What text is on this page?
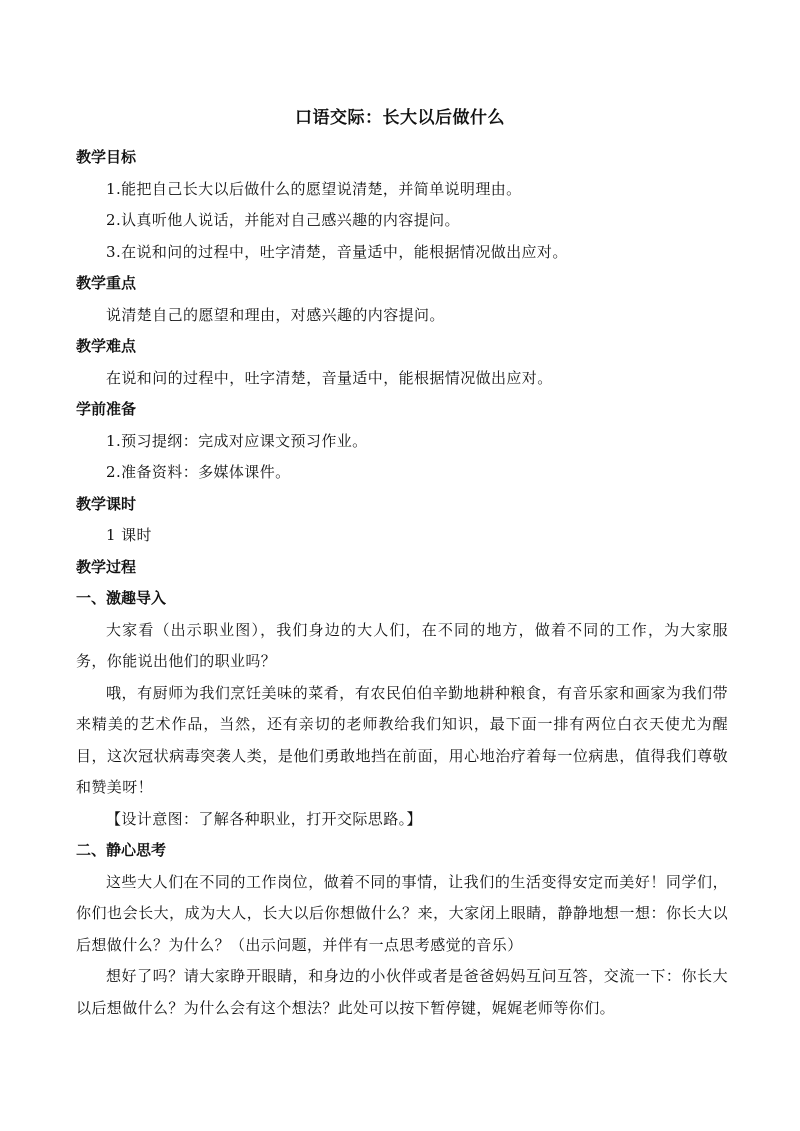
口语交际：长大以后做什么
教学目标

1.能把自己长大以后做什么的愿望说清楚，并简单说明理由。

2.认真听他人说话，并能对自己感兴趣的内容提问。

3.在说和问的过程中，吐字清楚，音量适中，能根据情况做出应对。

教学重点

说清楚自己的愿望和理由，对感兴趣的内容提问。

教学难点

在说和问的过程中，吐字清楚，音量适中，能根据情况做出应对。

学前准备

1.预习提纲：完成对应课文预习作业。

2.准备资料：多媒体课件。

教学课时

1 课时

教学过程
一、激趣导入

大家看（出示职业图），我们身边的大人们，在不同的地方，做着不同的工作，为大家服务，你能说出他们的职业吗？

哦，有厨师为我们烹饪美味的菜肴，有农民伯伯辛勤地耕种粮食，有音乐家和画家为我们带来精美的艺术作品，当然，还有亲切的老师教给我们知识，最下面一排有两位白衣天使尤为醒目，这次冠状病毒突袭人类，是他们勇敢地挡在前面，用心地治疗着每一位病患，值得我们尊敬和赞美呀！

【设计意图：了解各种职业，打开交际思路。】

二、静心思考

这些大人们在不同的工作岗位，做着不同的事情，让我们的生活变得安定而美好！同学们，你们也会长大，成为大人，长大以后你想做什么？来，大家闭上眼睛，静静地想一想：你长大以后想做什么？为什么？（出示问题，并伴有一点思考感觉的音乐）

想好了吗？请大家睁开眼睛，和身边的小伙伴或者是爸爸妈妈互问互答，交流一下：你长大以后想做什么？为什么会有这个想法？此处可以按下暂停键，娓娓老师等你们。
